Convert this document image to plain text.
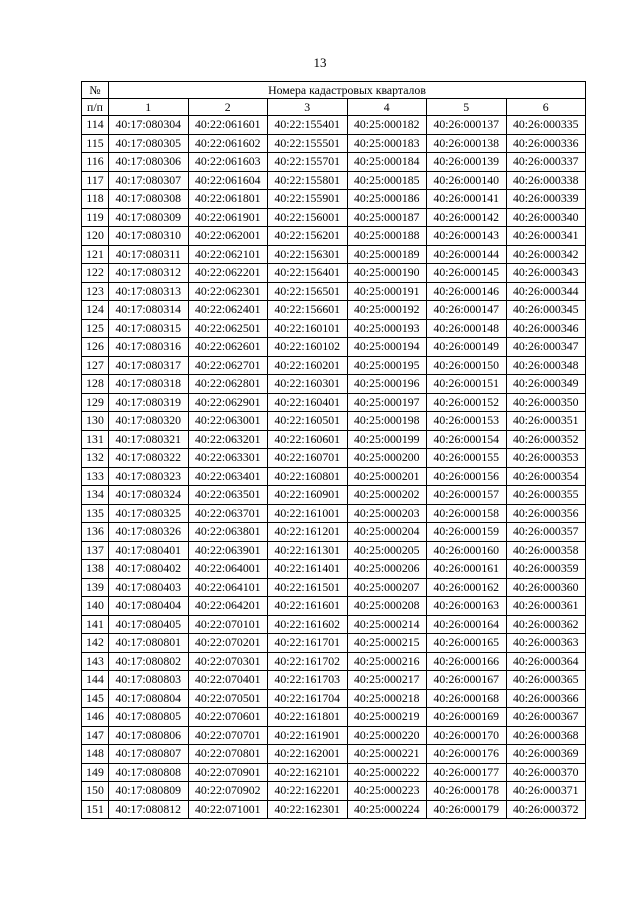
13
№	Номера кадастровых кварталов					
п/п	1	2	3	4	5	6
114	40:17:080304	40:22:061601	40:22:155401	40:25:000182	40:26:000137	40:26:000335
115	40:17:080305	40:22:061602	40:22:155501	40:25:000183	40:26:000138	40:26:000336
116	40:17:080306	40:22:061603	40:22:155701	40:25:000184	40:26:000139	40:26:000337
117	40:17:080307	40:22:061604	40:22:155801	40:25:000185	40:26:000140	40:26:000338
118	40:17:080308	40:22:061801	40:22:155901	40:25:000186	40:26:000141	40:26:000339
119	40:17:080309	40:22:061901	40:22:156001	40:25:000187	40:26:000142	40:26:000340
120	40:17:080310	40:22:062001	40:22:156201	40:25:000188	40:26:000143	40:26:000341
121	40:17:080311	40:22:062101	40:22:156301	40:25:000189	40:26:000144	40:26:000342
122	40:17:080312	40:22:062201	40:22:156401	40:25:000190	40:26:000145	40:26:000343
123	40:17:080313	40:22:062301	40:22:156501	40:25:000191	40:26:000146	40:26:000344
124	40:17:080314	40:22:062401	40:22:156601	40:25:000192	40:26:000147	40:26:000345
125	40:17:080315	40:22:062501	40:22:160101	40:25:000193	40:26:000148	40:26:000346
126	40:17:080316	40:22:062601	40:22:160102	40:25:000194	40:26:000149	40:26:000347
127	40:17:080317	40:22:062701	40:22:160201	40:25:000195	40:26:000150	40:26:000348
128	40:17:080318	40:22:062801	40:22:160301	40:25:000196	40:26:000151	40:26:000349
129	40:17:080319	40:22:062901	40:22:160401	40:25:000197	40:26:000152	40:26:000350
130	40:17:080320	40:22:063001	40:22:160501	40:25:000198	40:26:000153	40:26:000351
131	40:17:080321	40:22:063201	40:22:160601	40:25:000199	40:26:000154	40:26:000352
132	40:17:080322	40:22:063301	40:22:160701	40:25:000200	40:26:000155	40:26:000353
133	40:17:080323	40:22:063401	40:22:160801	40:25:000201	40:26:000156	40:26:000354
134	40:17:080324	40:22:063501	40:22:160901	40:25:000202	40:26:000157	40:26:000355
135	40:17:080325	40:22:063701	40:22:161001	40:25:000203	40:26:000158	40:26:000356
136	40:17:080326	40:22:063801	40:22:161201	40:25:000204	40:26:000159	40:26:000357
137	40:17:080401	40:22:063901	40:22:161301	40:25:000205	40:26:000160	40:26:000358
138	40:17:080402	40:22:064001	40:22:161401	40:25:000206	40:26:000161	40:26:000359
139	40:17:080403	40:22:064101	40:22:161501	40:25:000207	40:26:000162	40:26:000360
140	40:17:080404	40:22:064201	40:22:161601	40:25:000208	40:26:000163	40:26:000361
141	40:17:080405	40:22:070101	40:22:161602	40:25:000214	40:26:000164	40:26:000362
142	40:17:080801	40:22:070201	40:22:161701	40:25:000215	40:26:000165	40:26:000363
143	40:17:080802	40:22:070301	40:22:161702	40:25:000216	40:26:000166	40:26:000364
144	40:17:080803	40:22:070401	40:22:161703	40:25:000217	40:26:000167	40:26:000365
145	40:17:080804	40:22:070501	40:22:161704	40:25:000218	40:26:000168	40:26:000366
146	40:17:080805	40:22:070601	40:22:161801	40:25:000219	40:26:000169	40:26:000367
147	40:17:080806	40:22:070701	40:22:161901	40:25:000220	40:26:000170	40:26:000368
148	40:17:080807	40:22:070801	40:22:162001	40:25:000221	40:26:000176	40:26:000369
149	40:17:080808	40:22:070901	40:22:162101	40:25:000222	40:26:000177	40:26:000370
150	40:17:080809	40:22:070902	40:22:162201	40:25:000223	40:26:000178	40:26:000371
151	40:17:080812	40:22:071001	40:22:162301	40:25:000224	40:26:000179	40:26:000372
